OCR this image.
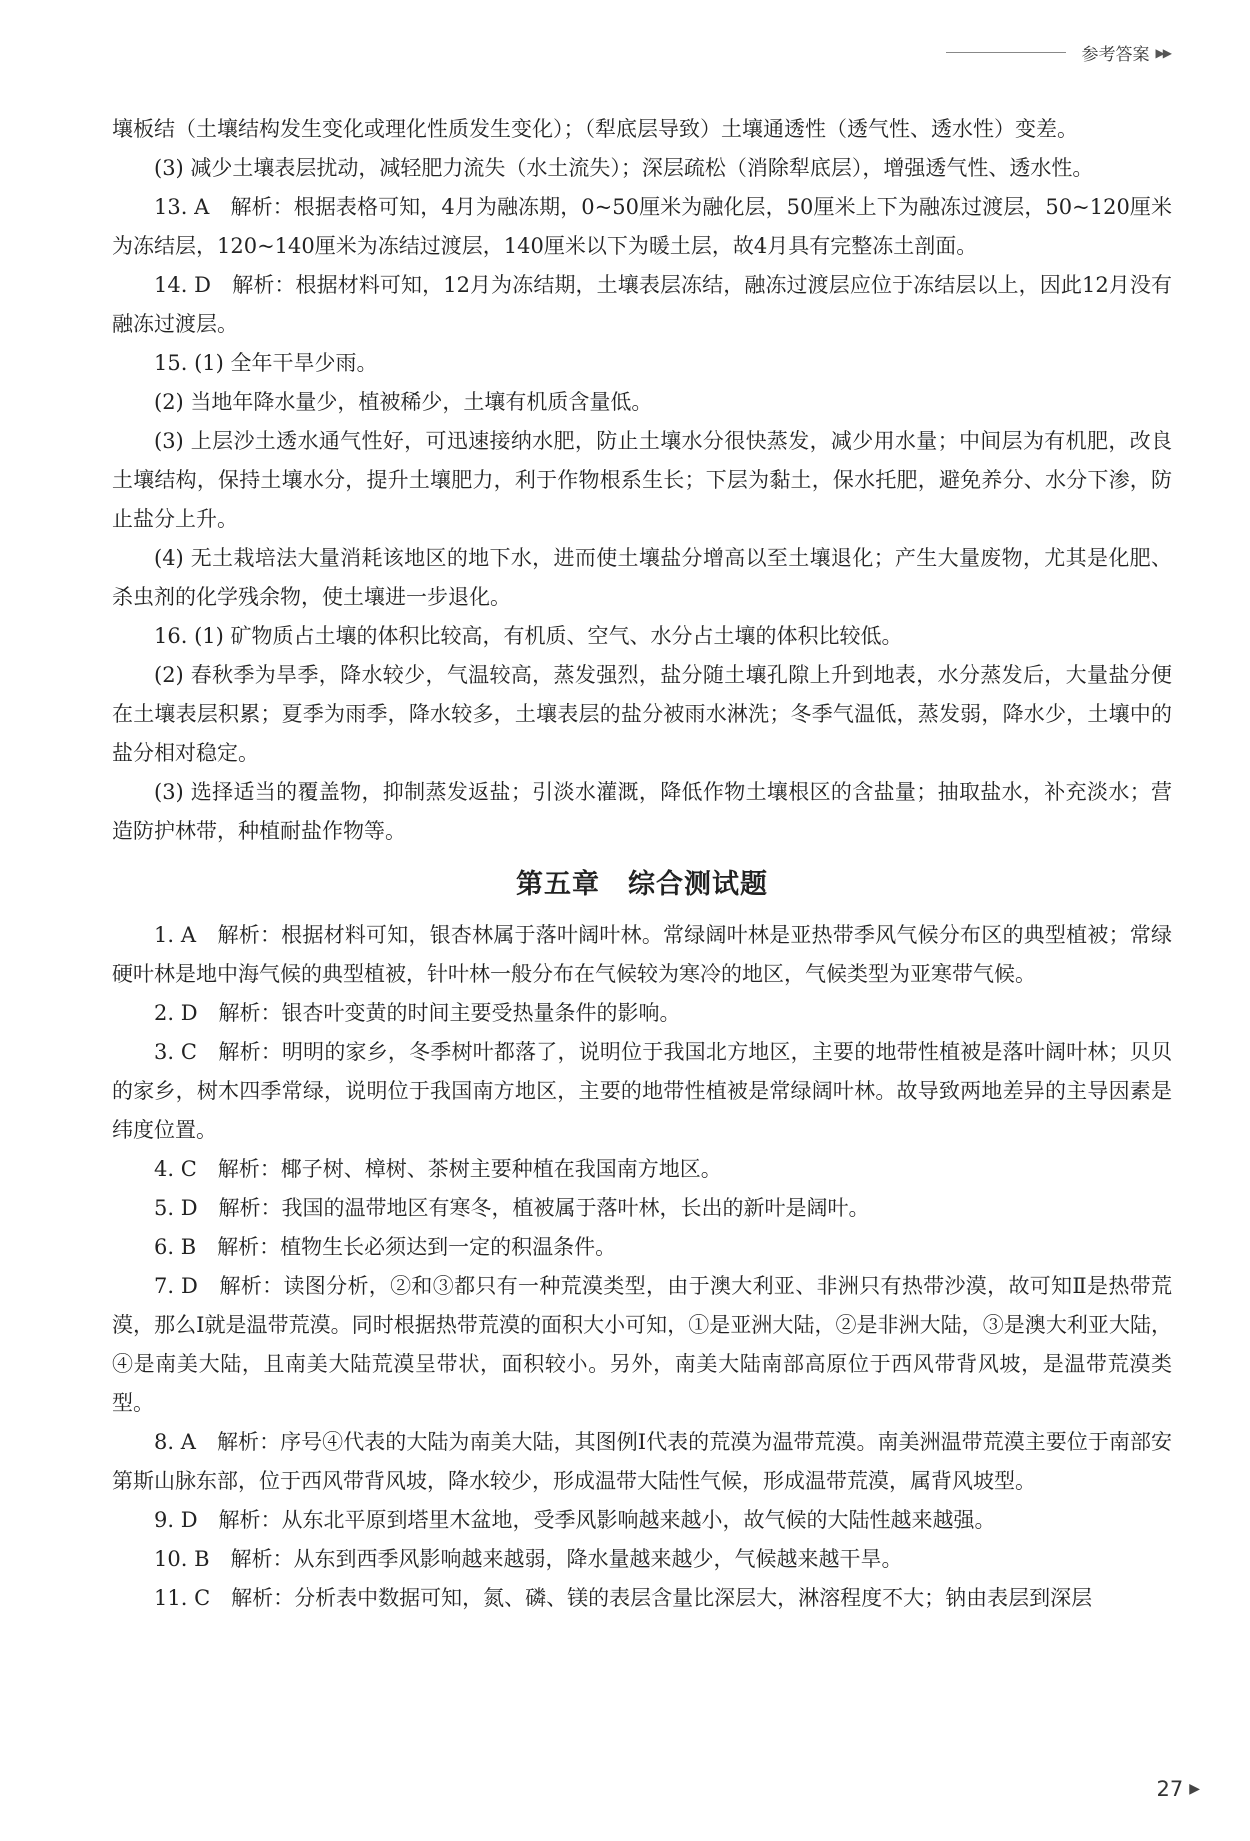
参考答案 ▶▶

壤板结（土壤结构发生变化或理化性质发生变化）；（犁底层导致）土壤通透性（透气性、透水性）变差。

(3) 减少土壤表层扰动，减轻肥力流失（水土流失）；深层疏松（消除犁底层），增强透气性、透水性。

13. A　解析：根据表格可知，4月为融冻期，0~50厘米为融化层，50厘米上下为融冻过渡层，50~120厘米为冻结层，120~140厘米为冻结过渡层，140厘米以下为暖土层，故4月具有完整冻土剖面。

14. D　解析：根据材料可知，12月为冻结期，土壤表层冻结，融冻过渡层应位于冻结层以上，因此12月没有融冻过渡层。

15. (1) 全年干旱少雨。

(2) 当地年降水量少，植被稀少，土壤有机质含量低。

(3) 上层沙土透水通气性好，可迅速接纳水肥，防止土壤水分很快蒸发，减少用水量；中间层为有机肥，改良土壤结构，保持土壤水分，提升土壤肥力，利于作物根系生长；下层为黏土，保水托肥，避免养分、水分下渗，防止盐分上升。

(4) 无土栽培法大量消耗该地区的地下水，进而使土壤盐分增高以至土壤退化；产生大量废物，尤其是化肥、杀虫剂的化学残余物，使土壤进一步退化。

16. (1) 矿物质占土壤的体积比较高，有机质、空气、水分占土壤的体积比较低。

(2) 春秋季为旱季，降水较少，气温较高，蒸发强烈，盐分随土壤孔隙上升到地表，水分蒸发后，大量盐分便在土壤表层积累；夏季为雨季，降水较多，土壤表层的盐分被雨水淋洗；冬季气温低，蒸发弱，降水少，土壤中的盐分相对稳定。

(3) 选择适当的覆盖物，抑制蒸发返盐；引淡水灌溉，降低作物土壤根区的含盐量；抽取盐水，补充淡水；营造防护林带，种植耐盐作物等。

第五章　综合测试题

1. A　解析：根据材料可知，银杏林属于落叶阔叶林。常绿阔叶林是亚热带季风气候分布区的典型植被；常绿硬叶林是地中海气候的典型植被，针叶林一般分布在气候较为寒冷的地区，气候类型为亚寒带气候。

2. D　解析：银杏叶变黄的时间主要受热量条件的影响。

3. C　解析：明明的家乡，冬季树叶都落了，说明位于我国北方地区，主要的地带性植被是落叶阔叶林；贝贝的家乡，树木四季常绿，说明位于我国南方地区，主要的地带性植被是常绿阔叶林。故导致两地差异的主导因素是纬度位置。

4. C　解析：椰子树、樟树、茶树主要种植在我国南方地区。

5. D　解析：我国的温带地区有寒冬，植被属于落叶林，长出的新叶是阔叶。

6. B　解析：植物生长必须达到一定的积温条件。

7. D　解析：读图分析，②和③都只有一种荒漠类型，由于澳大利亚、非洲只有热带沙漠，故可知Ⅱ是热带荒漠，那么Ⅰ就是温带荒漠。同时根据热带荒漠的面积大小可知，①是亚洲大陆，②是非洲大陆，③是澳大利亚大陆，④是南美大陆，且南美大陆荒漠呈带状，面积较小。另外，南美大陆南部高原位于西风带背风坡，是温带荒漠类型。

8. A　解析：序号④代表的大陆为南美大陆，其图例Ⅰ代表的荒漠为温带荒漠。南美洲温带荒漠主要位于南部安第斯山脉东部，位于西风带背风坡，降水较少，形成温带大陆性气候，形成温带荒漠，属背风坡型。

9. D　解析：从东北平原到塔里木盆地，受季风影响越来越小，故气候的大陆性越来越强。

10. B　解析：从东到西季风影响越来越弱，降水量越来越少，气候越来越干旱。

11. C　解析：分析表中数据可知，氮、磷、镁的表层含量比深层大，淋溶程度不大；钠由表层到深层

27 ▶
